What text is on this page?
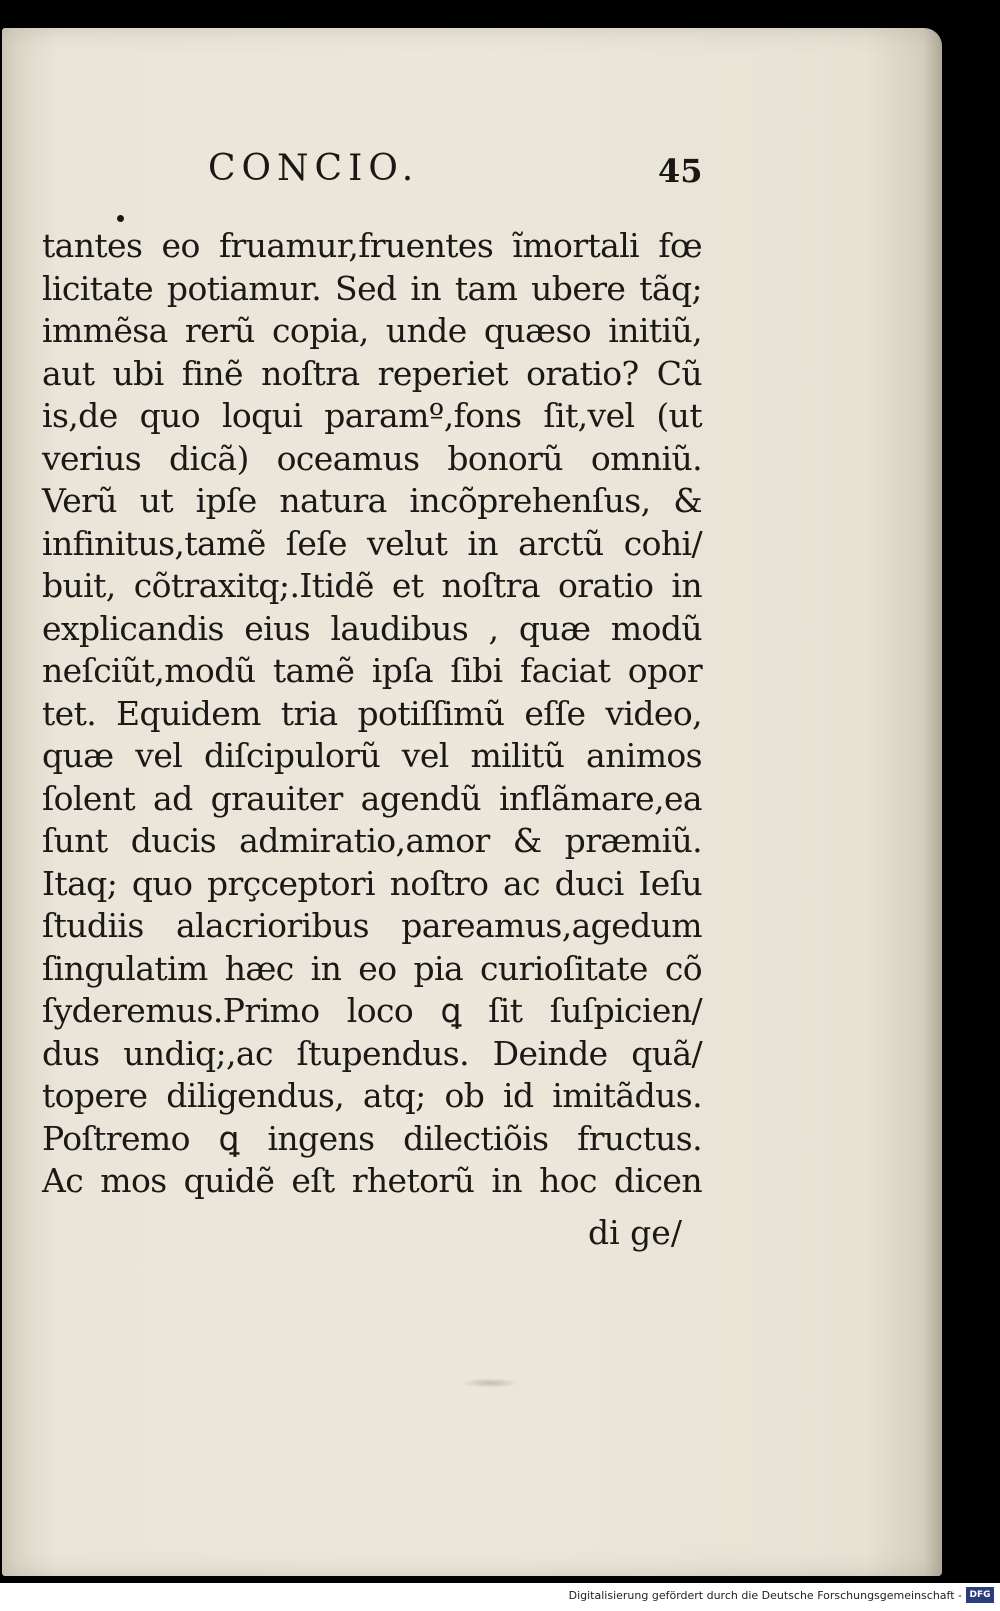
CONCIO.	45
tantes eo fruamur,fruentes ĩmortali fœ
licitate potiamur. Sed in tam ubere tãq;
immẽsa rerũ copia, unde quæso initiũ,
aut ubi finẽ noſtra reperiet oratio? Cũ
is,de quo loqui paramº,fons ſit,vel (ut
verius dicã) oceamus bonorũ omniũ.
Verũ ut ipſe natura incõprehenſus, &
infinitus,tamẽ ſeſe velut in arctũ cohi/
buit, cõtraxitq;.Itidẽ et noſtra oratio in
explicandis eius laudibus , quæ modũ
neſciũt,modũ tamẽ ipſa ſibi faciat opor
tet. Equidem tria potiſſimũ eſſe video,
quæ vel diſcipulorũ vel militũ animos
ſolent ad grauiter agendũ inflãmare,ea
ſunt ducis admiratio,amor & præmiũ.
Itaq; quo prçceptori noſtro ac duci Ieſu
ſtudiis alacrioribus pareamus,agedum
ſingulatim hæc in eo pia curioſitate cõ
ſyderemus.Primo loco ꝗ ſit ſuſpicien/
dus undiq;,ac ſtupendus. Deinde quã/
topere diligendus, atq; ob id imitãdus.
Poſtremo ꝗ ingens dilectiõis fructus.
Ac mos quidẽ eſt rhetorũ in hoc dicen
di ge/
Digitalisierung gefördert durch die Deutsche Forschungsgemeinschaft - DFG
